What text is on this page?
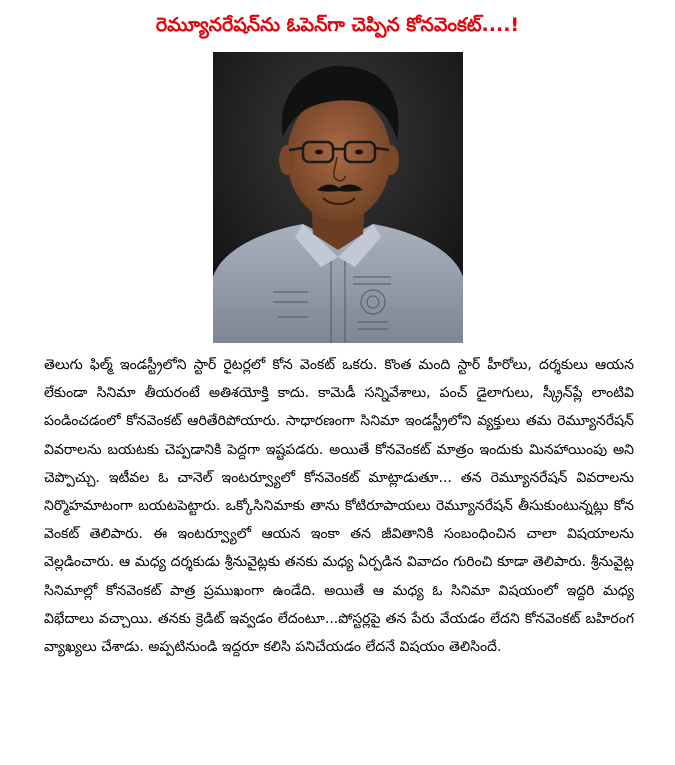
రెమ్యూనరేషన్‌ను ఓపెన్‌గా చెప్పిన కోనవెంకట్‌....!
తెలుగు ఫిల్మ్‌ ఇండస్ట్రీలోని స్టార్‌ రైటర్లలో కోన వెంకట్‌ ఒకరు. కొంత మంది స్టార్‌ హీరోలు, దర్శకులు ఆయన లేకుండా సినిమా తీయరంటే అతిశయోక్తి కాదు. కామెడీ సన్నివేశాలు, పంచ్‌ డైలాగులు, స్క్రీన్‌ప్లే లాంటివి పండించడంలో కోనవెంకట్‌ ఆరితేరిపోయారు. సాధారణంగా సినిమా ఇండస్ట్రీలోని వ్యక్తులు తమ రెమ్యూనరేషన్‌ వివరాలను బయటకు చెప్పడానికి పెద్దగా ఇష్టపడరు. అయితే కోనవెంకట్‌ మాత్రం ఇందుకు మినహాయింపు అని చెప్పొచ్చు. ఇటీవల ఓ చానెల్‌ ఇంటర్వ్యూలో కోనవెంకట్‌ మాట్లాడుతూ... తన రెమ్యూనరేషన్‌ వివరాలను నిర్మొహమాటంగా బయటపెట్టారు. ఒక్కోసినిమాకు తాను కోటిరూపాయలు రెమ్యూనరేషన్‌ తీసుకుంటున్నట్లు కోన వెంకట్‌ తెలిపారు. ఈ ఇంటర్వ్యూలో ఆయన ఇంకా తన జీవితానికి సంబంధించిన చాలా విషయాలను వెల్లడించారు. ఆ మధ్య దర్శకుడు శ్రీనువైట్లకు తనకు మధ్య ఏర్పడిన వివాదం గురించి కూడా తెలిపారు. శ్రీనువైట్ల సినిమాల్లో కోనవెంకట్‌ పాత్ర ప్రముఖంగా ఉండేది. అయితే ఆ మధ్య ఓ సినిమా విషయంలో ఇద్దరి మధ్య విభేదాలు వచ్చాయి. తనకు క్రెడిట్‌ ఇవ్వడం లేదంటూ...పోస్టర్లపై తన పేరు వేయడం లేదని కోనవెంకట్‌ బహిరంగ వ్యాఖ్యలు చేశాడు. అప్పటినుండి ఇద్దరూ కలిసి పనిచేయడం లేదనే విషయం తెలిసిందే.
